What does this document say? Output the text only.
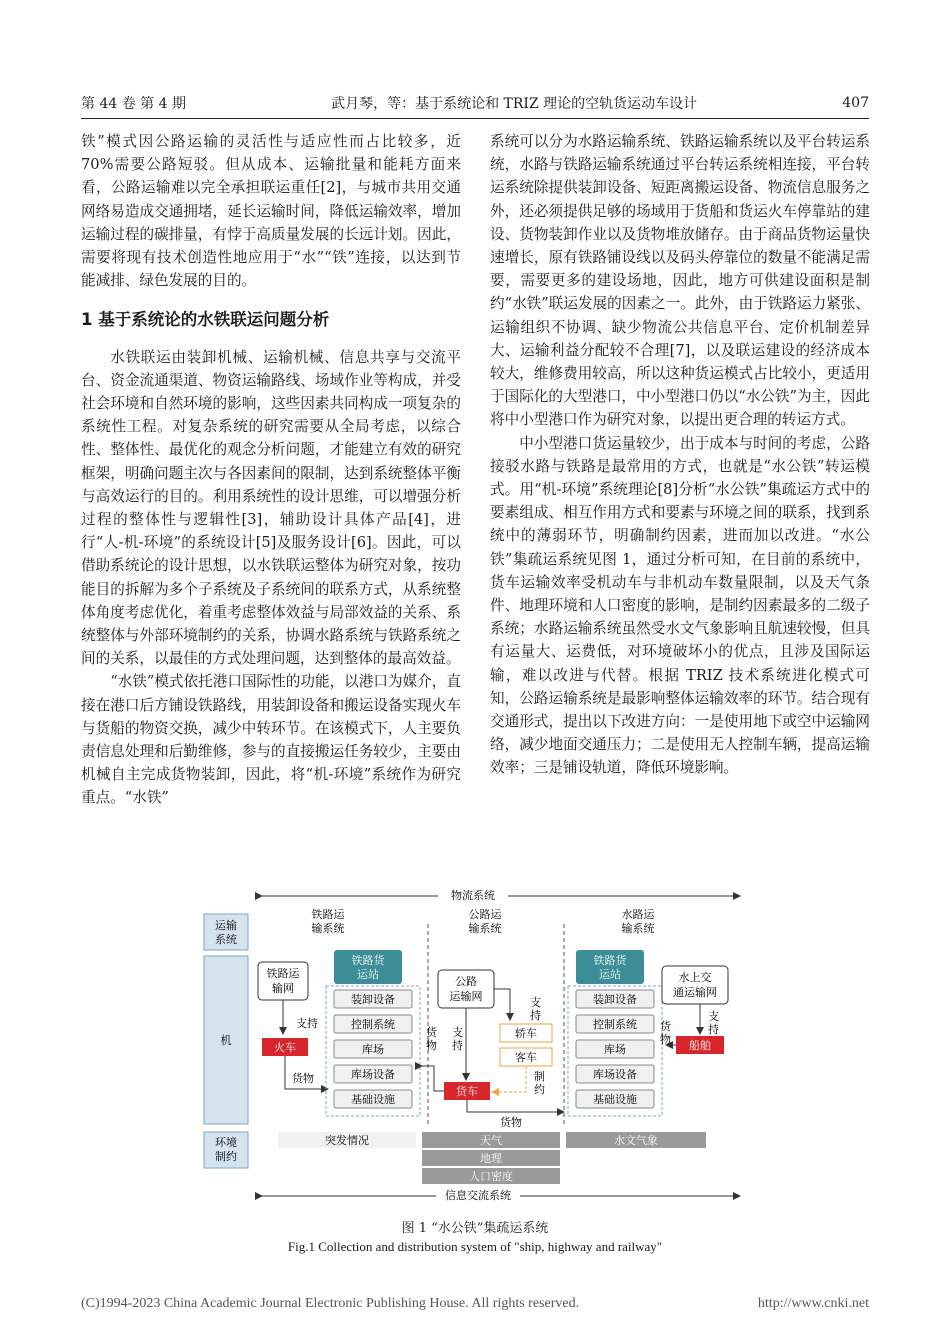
第 44 卷 第 4 期	武月琴，等：基于系统论和 TRIZ 理论的空轨货运动车设计	407

铁”模式因公路运输的灵活性与适应性而占比较多，近 70%需要公路短驳。但从成本、运输批量和能耗方面来看，公路运输难以完全承担联运重任[2]，与城市共用交通网络易造成交通拥堵，延长运输时间，降低运输效率，增加运输过程的碳排量，有悖于高质量发展的长远计划。因此，需要将现有技术创造性地应用于“水”“铁”连接，以达到节能减排、绿色发展的目的。

1 基于系统论的水铁联运问题分析

水铁联运由装卸机械、运输机械、信息共享与交流平台、资金流通渠道、物资运输路线、场域作业等构成，并受社会环境和自然环境的影响，这些因素共同构成一项复杂的系统性工程。对复杂系统的研究需要从全局考虑，以综合性、整体性、最优化的观念分析问题，才能建立有效的研究框架，明确问题主次与各因素间的限制，达到系统整体平衡与高效运行的目的。利用系统性的设计思维，可以增强分析过程的整体性与逻辑性[3]，辅助设计具体产品[4]，进行“人-机-环境”的系统设计[5]及服务设计[6]。因此，可以借助系统论的设计思想，以水铁联运整体为研究对象，按功能目的拆解为多个子系统及子系统间的联系方式，从系统整体角度考虑优化，着重考虑整体效益与局部效益的关系、系统整体与外部环境制约的关系，协调水路系统与铁路系统之间的关系，以最佳的方式处理问题，达到整体的最高效益。

“水铁”模式依托港口国际性的功能，以港口为媒介，直接在港口后方铺设铁路线，用装卸设备和搬运设备实现火车与货船的物资交换，减少中转环节。在该模式下，人主要负责信息处理和后勤维修，参与的直接搬运任务较少，主要由机械自主完成货物装卸，因此，将“机-环境”系统作为研究重点。“水铁”

系统可以分为水路运输系统、铁路运输系统以及平台转运系统，水路与铁路运输系统通过平台转运系统相连接，平台转运系统除提供装卸设备、短距离搬运设备、物流信息服务之外，还必须提供足够的场域用于货船和货运火车停靠站的建设、货物装卸作业以及货物堆放储存。由于商品货物运量快速增长，原有铁路铺设线以及码头停靠位的数量不能满足需要，需要更多的建设场地，因此，地方可供建设面积是制约“水铁”联运发展的因素之一。此外，由于铁路运力紧张、运输组织不协调、缺少物流公共信息平台、定价机制差异大、运输利益分配较不合理[7]，以及联运建设的经济成本较大，维修费用较高，所以这种货运模式占比较小，更适用于国际化的大型港口，中小型港口仍以“水公铁”为主，因此将中小型港口作为研究对象，以提出更合理的转运方式。

中小型港口货运量较少，出于成本与时间的考虑，公路接驳水路与铁路是最常用的方式，也就是“水公铁”转运模式。用“机-环境”系统理论[8]分析“水公铁”集疏运方式中的要素组成、相互作用方式和要素与环境之间的联系，找到系统中的薄弱环节，明确制约因素，进而加以改进。“水公铁”集疏运系统见图 1，通过分析可知，在目前的系统中，货车运输效率受机动车与非机动车数量限制，以及天气条件、地理环境和人口密度的影响，是制约因素最多的二级子系统；水路运输系统虽然受水文气象影响且航速较慢，但具有运量大、运费低，对环境破坏小的优点，且涉及国际运输，难以改进与代替。根据 TRIZ 技术系统进化模式可知，公路运输系统是最影响整体运输效率的环节。结合现有交通形式，提出以下改进方向：一是使用地下或空中运输网络，减少地面交通压力；二是使用无人控制车辆，提高运输效率；三是铺设轨道，降低环境影响。

物流系统
运输系统
机
环境制约
铁路运输系统
公路运输系统
水路运输系统
铁路运输网
支持
火车
货物
铁路货运站
装卸设备
控制系统
库场
库场设备
基础设施
公路运输网	支持
支持
轿车
客车
制约
货车
货物
货物
铁路货运站
装卸设备
控制系统
库场
库场设备
基础设施
水上交通运输网
支持
船舶
货物
突发情况	天气
地理
人口密度
水文气象
信息交流系统
图 1 “水公铁”集疏运系统
Fig.1 Collection and distribution system of "ship, highway and railway"
(C)1994-2023 China Academic Journal Electronic Publishing House. All rights reserved.	http://www.cnki.net
